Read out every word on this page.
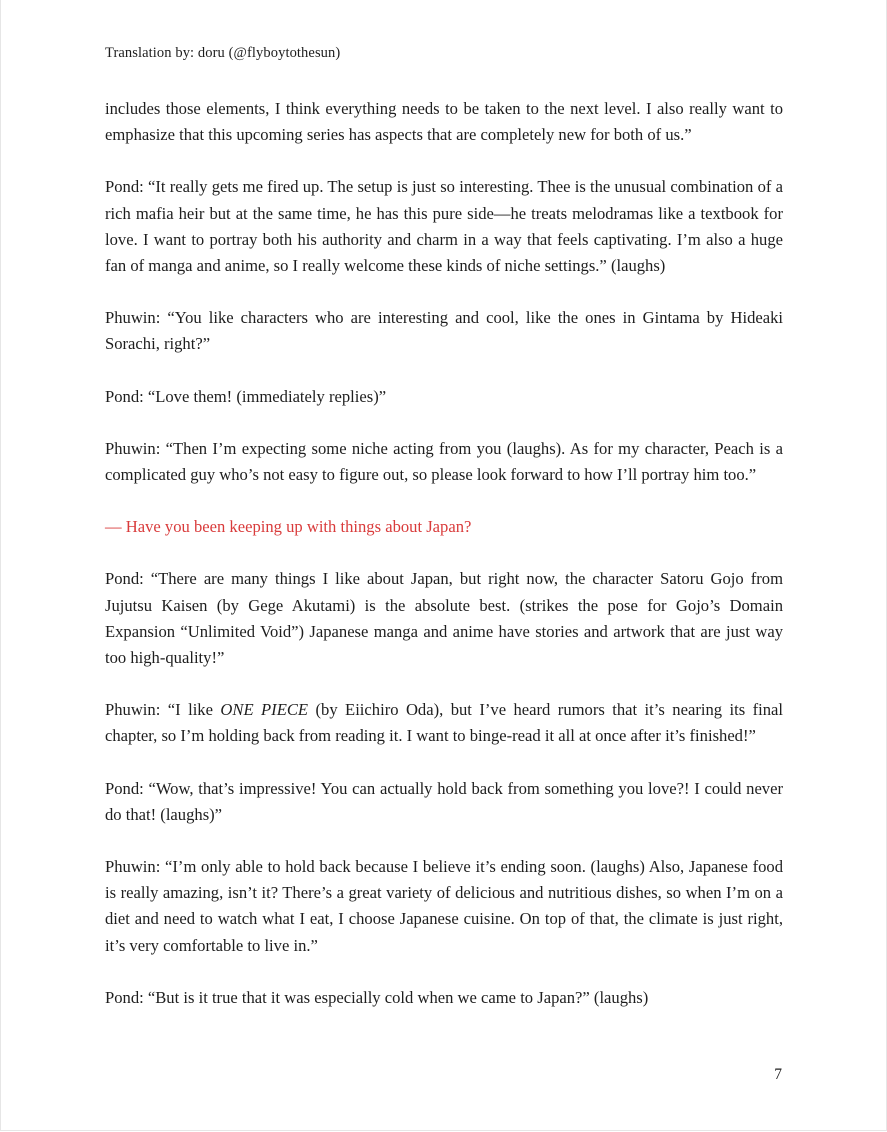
Translation by: doru (@flyboytothesun)

includes those elements, I think everything needs to be taken to the next level. I also really want to emphasize that this upcoming series has aspects that are completely new for both of us.”

Pond: “It really gets me fired up. The setup is just so interesting. Thee is the unusual combination of a rich mafia heir but at the same time, he has this pure side—he treats melodramas like a textbook for love. I want to portray both his authority and charm in a way that feels captivating. I’m also a huge fan of manga and anime, so I really welcome these kinds of niche settings.” (laughs)

Phuwin: “You like characters who are interesting and cool, like the ones in Gintama by Hideaki Sorachi, right?”

Pond: “Love them! (immediately replies)”

Phuwin: “Then I’m expecting some niche acting from you (laughs). As for my character, Peach is a complicated guy who’s not easy to figure out, so please look forward to how I’ll portray him too.”

— Have you been keeping up with things about Japan?

Pond: “There are many things I like about Japan, but right now, the character Satoru Gojo from Jujutsu Kaisen (by Gege Akutami) is the absolute best. (strikes the pose for Gojo’s Domain Expansion “Unlimited Void”) Japanese manga and anime have stories and artwork that are just way too high-quality!”

Phuwin: “I like ONE PIECE (by Eiichiro Oda), but I’ve heard rumors that it’s nearing its final chapter, so I’m holding back from reading it. I want to binge-read it all at once after it’s finished!”

Pond: “Wow, that’s impressive! You can actually hold back from something you love?! I could never do that! (laughs)”

Phuwin: “I’m only able to hold back because I believe it’s ending soon. (laughs) Also, Japanese food is really amazing, isn’t it? There’s a great variety of delicious and nutritious dishes, so when I’m on a diet and need to watch what I eat, I choose Japanese cuisine. On top of that, the climate is just right, it’s very comfortable to live in.”

Pond: “But is it true that it was especially cold when we came to Japan?” (laughs)

7
